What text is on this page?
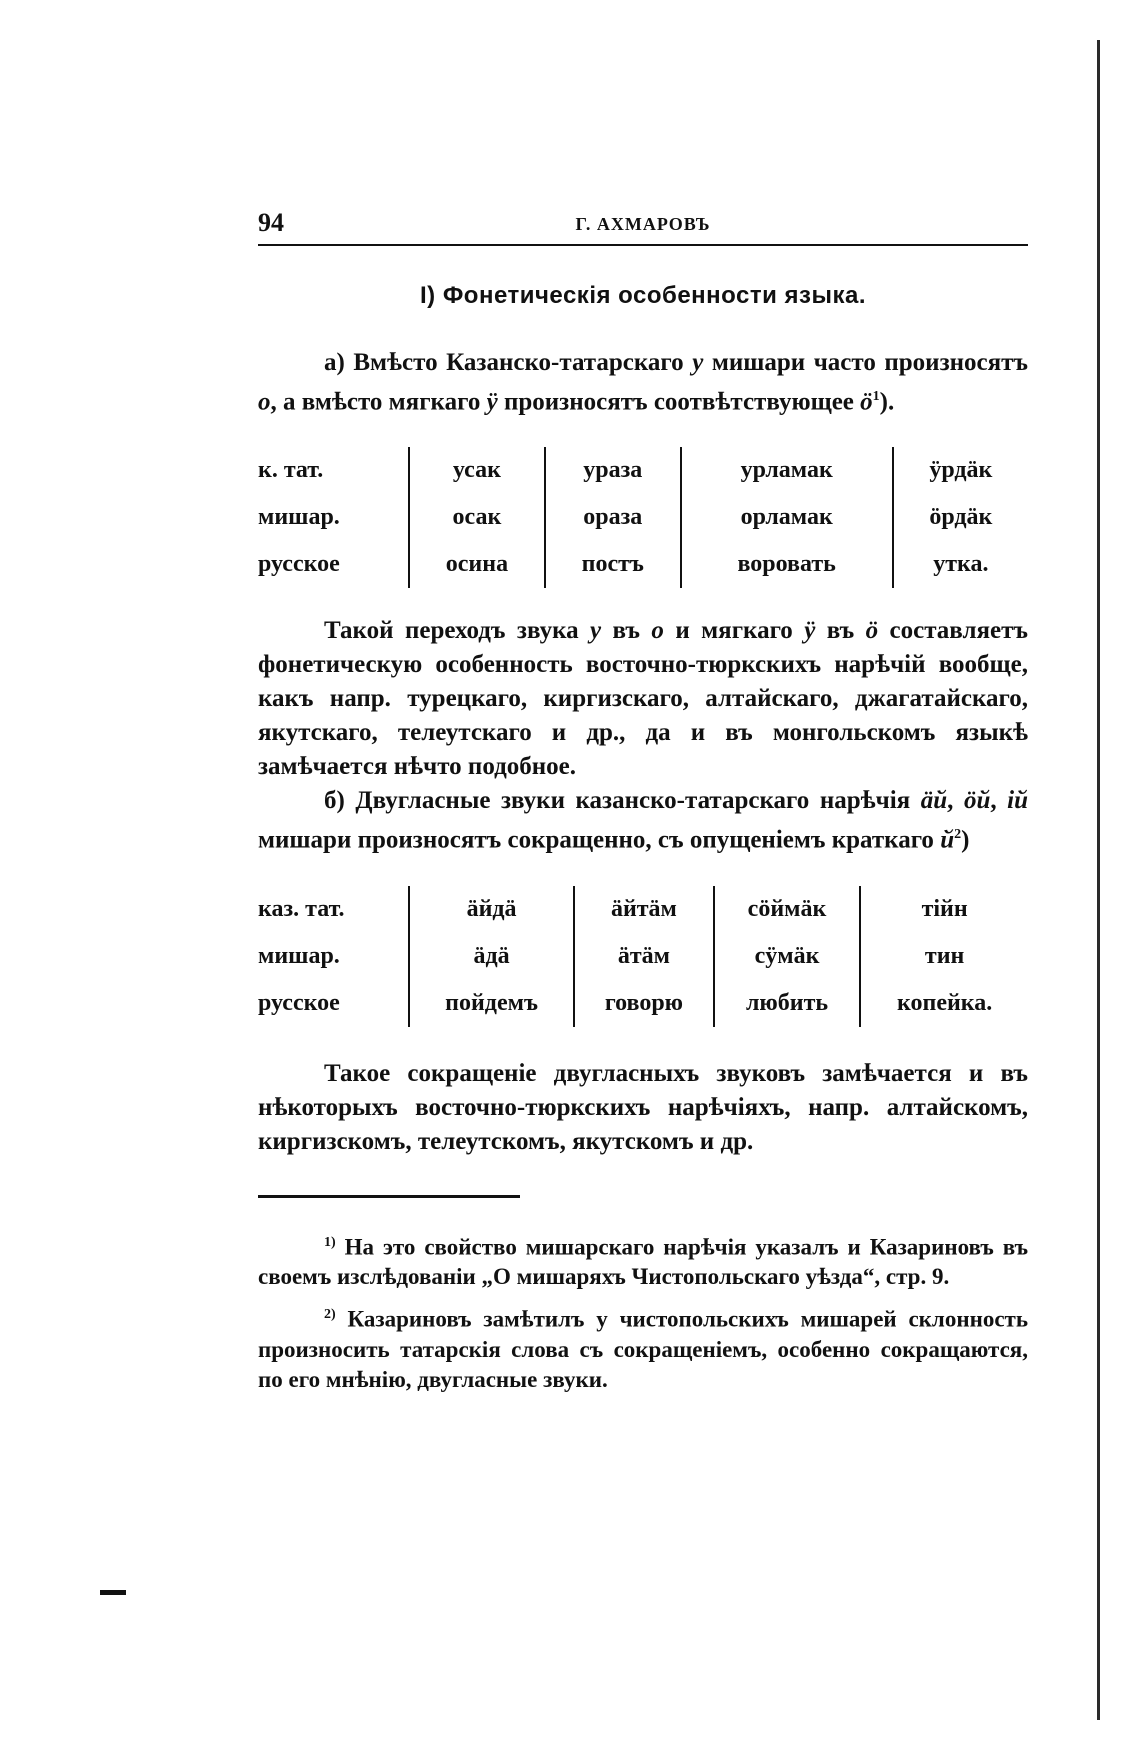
94	Г. АХМАРОВЪ
I) Фонетическія особенности языка.

а) Вмѣсто Казанско-татарскаго у мишари часто произносятъ о, а вмѣсто мягкаго ӱ произносятъ соотвѣтствующее $ӧ^1$).

к. тат.	усак	ураза	урламак	ӱрдӓк
мишар.	осак	ораза	орламак	ӧрдӓк
русское	осина	постъ	воровать	утка.

Такой переходъ звука у въ о и мягкаго ӱ въ ӧ составляетъ фонетическую особенность восточно-тюркскихъ нарѣчій вообще, какъ напр. турецкаго, киргизскаго, алтайскаго, джагатайскаго, якутскаго, телеутскаго и др., да и въ монгольскомъ языкѣ замѣчается нѣчто подобное.

б) Двугласные звуки казанско-татарскаго нарѣчія ӓй, ӧй, ій мишари произносятъ сокращенно, съ опущеніемъ краткаго $й^2$)

каз. тат.	ӓйдӓ	ӓйтӓм	сӧймӓк	тійн
мишар.	ӓдӓ	ӓтӓм	сӱмӓк	тин
русское	пойдемъ	говорю	любить	копейка.

Такое сокращеніе двугласныхъ звуковъ замѣчается и въ нѣкоторыхъ восточно-тюркскихъ нарѣчіяхъ, напр. алтайскомъ, киргизскомъ, телеутскомъ, якутскомъ и др.

$^{1)}$ На это свойство мишарскаго нарѣчія указалъ и Казариновъ въ своемъ изслѣдованіи „О мишаряхъ Чистопольскаго уѣзда“, стр. 9.

$^{2)}$ Казариновъ замѣтилъ у чистопольскихъ мишарей склонность произносить татарскія слова съ сокращеніемъ, особенно сокращаются, по его мнѣнію, двугласные звуки.
